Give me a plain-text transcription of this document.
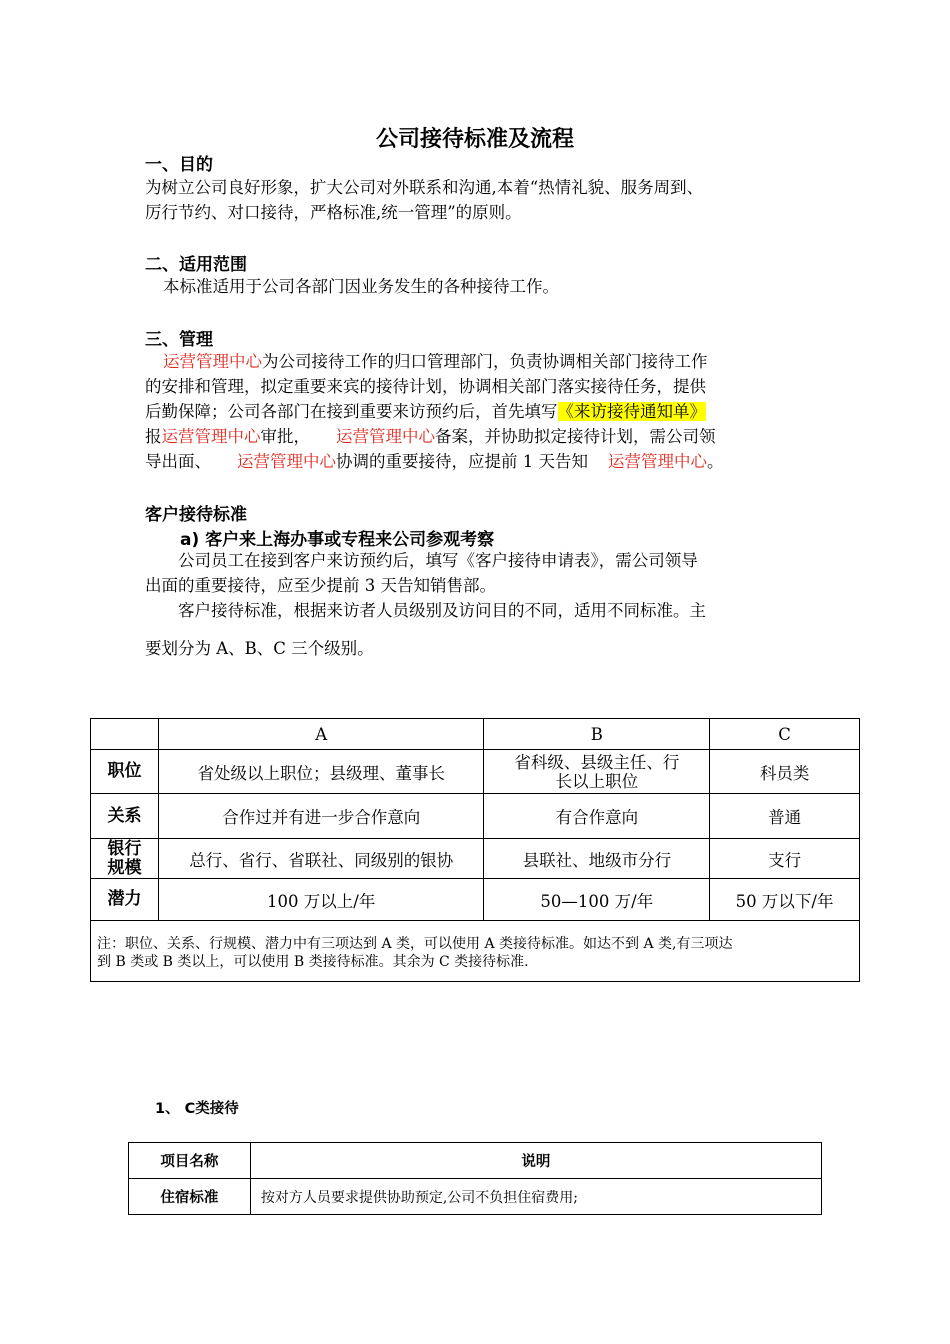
公司接待标准及流程
一、目的
为树立公司良好形象，扩大公司对外联系和沟通,本着“热情礼貌、服务周到、
厉行节约、对口接待，严格标准,统一管理”的原则。
二、适用范围
本标准适用于公司各部门因业务发生的各种接待工作。
三、管理
运营管理中心为公司接待工作的归口管理部门，负责协调相关部门接待工作
的安排和管理，拟定重要来宾的接待计划，协调相关部门落实接待任务，提供
后勤保障；公司各部门在接到重要来访预约后，首先填写《来访接待通知单》
报运营管理中心审批， 运营管理中心备案，并协助拟定接待计划，需公司领
导出面、 运营管理中心协调的重要接待，应提前 1 天告知 运营管理中心。
客户接待标准
a) 客户来上海办事或专程来公司参观考察
公司员工在接到客户来访预约后，填写《客户接待申请表》，需公司领导
出面的重要接待，应至少提前 3 天告知销售部。
客户接待标准，根据来访者人员级别及访问目的不同，适用不同标准。主
要划分为 A、B、C 三个级别。
	A	B	C
职位	省处级以上职位；县级理、董事长	省科级、县级主任、行
长以上职位	科员类
关系	合作过并有进一步合作意向	有合作意向	普通

银行
规模	总行、省行、省联社、同级别的银协	县联社、地级市分行	支行
潜力	100 万以上/年	50—100 万/年	50 万以下/年

注：职位、关系、行规模、潜力中有三项达到 A 类，可以使用 A 类接待标准。如达不到 A 类,有三项达
到 B 类或 B 类以上，可以使用 B 类接待标准。其余为 C 类接待标准.			
1、 C类接待
项目名称	说明
住宿标准	按对方人员要求提供协助预定,公司不负担住宿费用;
